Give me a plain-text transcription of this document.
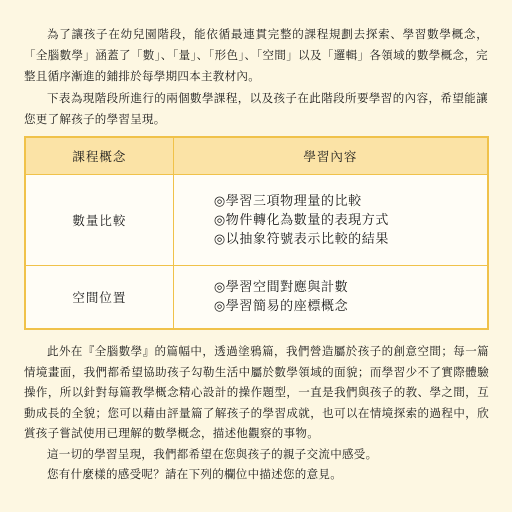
為了讓孩子在幼兒園階段，能依循最連貫完整的課程規劃去探索、學習數學概念，「全腦數學」涵蓋了「數」、「量」、「形色」、「空間」以及「邏輯」各領域的數學概念，完整且循序漸進的鋪排於每學期四本主教材內。

下表為現階段所進行的兩個數學課程，以及孩子在此階段所要學習的內容，希望能讓您更了解孩子的學習呈現。

課程概念	學習內容
數量比較	◎學習三項物理量的比較
◎物件轉化為數量的表現方式
◎以抽象符號表示比較的結果

空間位置	◎學習空間對應與計數
◎學習簡易的座標概念

此外在『全腦數學』的篇幅中，透過塗鴉篇，我們營造屬於孩子的創意空間；每一篇情境畫面，我們都希望協助孩子勾勒生活中屬於數學領域的面貌；而學習少不了實際體驗操作，所以針對每篇教學概念精心設計的操作題型，一直是我們與孩子的教、學之間，互動成長的全貌；您可以藉由評量篇了解孩子的學習成就，也可以在情境探索的過程中，欣賞孩子嘗試使用已理解的數學概念，描述他觀察的事物。

這一切的學習呈現，我們都希望在您與孩子的親子交流中感受。

您有什麼樣的感受呢？請在下列的欄位中描述您的意見。
